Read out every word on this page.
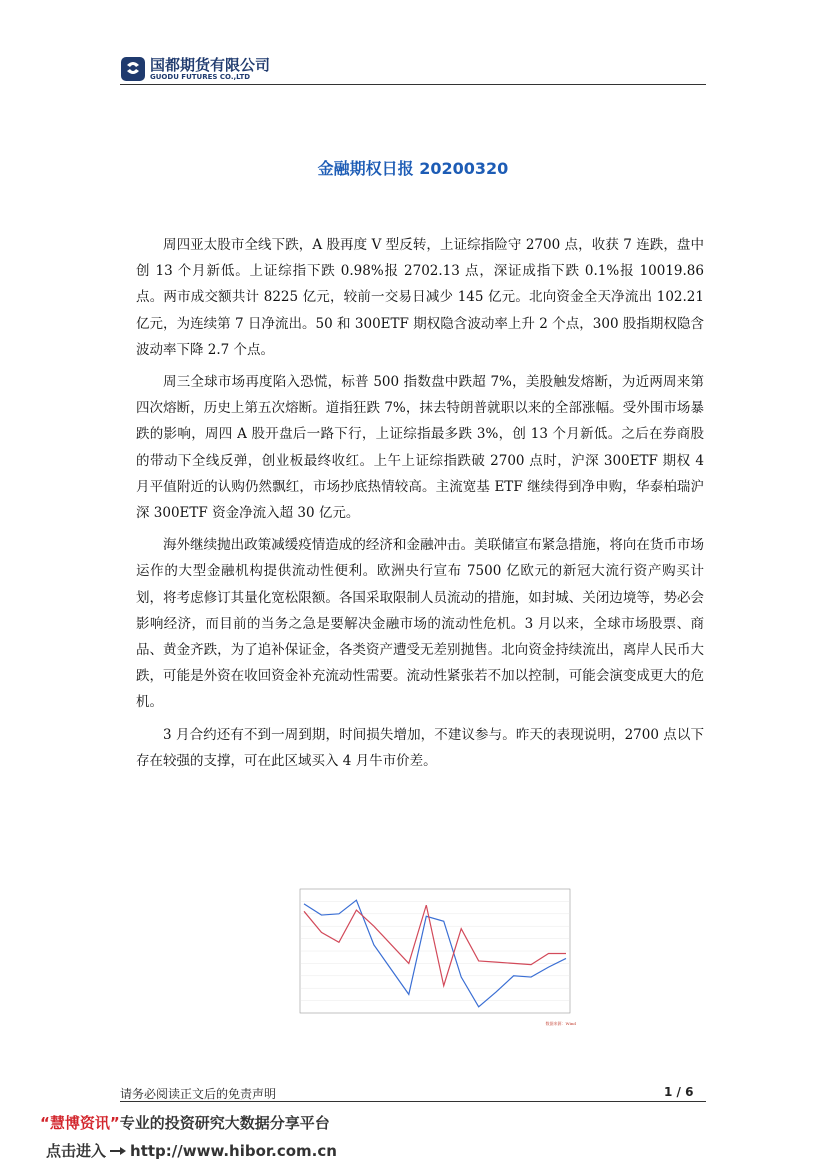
国都期货有限公司
GUODU FUTURES CO.,LTD
金融期权日报 20200320

周四亚太股市全线下跌，A 股再度 V 型反转，上证综指险守 2700 点，收获 7 连跌，盘中创 13 个月新低。上证综指下跌 0.98%报 2702.13 点，深证成指下跌 0.1%报 10019.86 点。两市成交额共计 8225 亿元，较前一交易日减少 145 亿元。北向资金全天净流出 102.21 亿元，为连续第 7 日净流出。50 和 300ETF 期权隐含波动率上升 2 个点，300 股指期权隐含波动率下降 2.7 个点。

周三全球市场再度陷入恐慌，标普 500 指数盘中跌超 7%，美股触发熔断，为近两周来第四次熔断，历史上第五次熔断。道指狂跌 7%，抹去特朗普就职以来的全部涨幅。受外围市场暴跌的影响，周四 A 股开盘后一路下行，上证综指最多跌 3%，创 13 个月新低。之后在券商股的带动下全线反弹，创业板最终收红。上午上证综指跌破 2700 点时，沪深 300ETF 期权 4 月平值附近的认购仍然飘红，市场抄底热情较高。主流宽基 ETF 继续得到净申购，华泰柏瑞沪深 300ETF 资金净流入超 30 亿元。

海外继续抛出政策减缓疫情造成的经济和金融冲击。美联储宣布紧急措施，将向在货币市场运作的大型金融机构提供流动性便利。欧洲央行宣布 7500 亿欧元的新冠大流行资产购买计划，将考虑修订其量化宽松限额。各国采取限制人员流动的措施，如封城、关闭边境等，势必会影响经济，而目前的当务之急是要解决金融市场的流动性危机。3 月以来，全球市场股票、商品、黄金齐跌，为了追补保证金，各类资产遭受无差别抛售。北向资金持续流出，离岸人民币大跌，可能是外资在收回资金补充流动性需要。流动性紧张若不加以控制，可能会演变成更大的危机。

3 月合约还有不到一周到期，时间损失增加，不建议参与。昨天的表现说明，2700 点以下存在较强的支撑，可在此区域买入 4 月牛市价差。

数据来源：Wind
请务必阅读正文后的免责声明	1 / 6
“慧博资讯”专业的投资研究大数据分享平台
点击进入 http://www.hibor.com.cn
